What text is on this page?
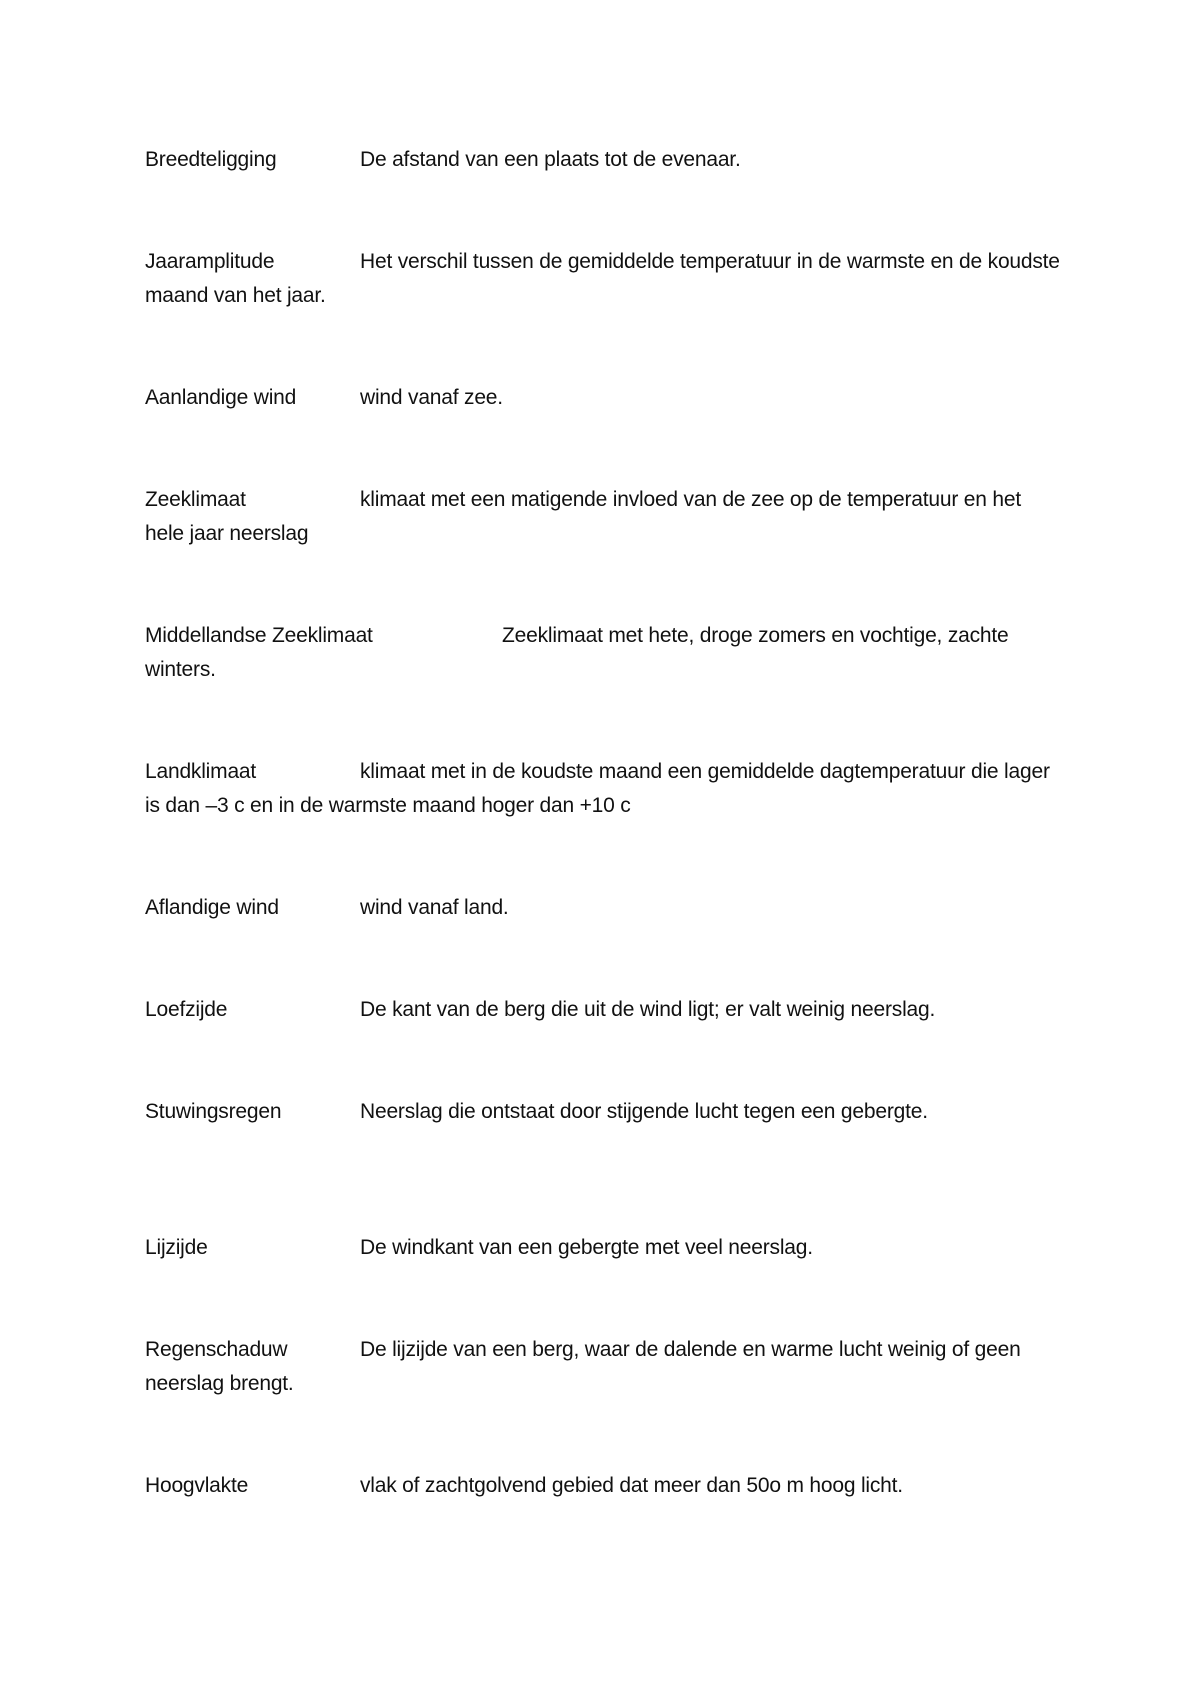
Breedteligging	De afstand van een plaats tot de evenaar.

Jaaramplitude	Het verschil tussen de gemiddelde temperatuur in de warmste en de koudste maand van het jaar.

Aanlandige wind	wind vanaf zee.

Zeeklimaat	klimaat met een matigende invloed van de zee op de temperatuur en het hele jaar neerslag

Middellandse Zeeklimaat	Zeeklimaat met hete, droge zomers en vochtige, zachte winters.

Landklimaat	klimaat met in de koudste maand een gemiddelde dagtemperatuur die lager is dan –3 c en in de warmste maand hoger dan +10 c

Aflandige wind	wind vanaf land.

Loefzijde	De kant van de berg die uit de wind ligt; er valt weinig neerslag.

Stuwingsregen	Neerslag die ontstaat door stijgende lucht tegen een gebergte.

Lijzijde	De windkant van een gebergte met veel neerslag.

Regenschaduw	De lijzijde van een berg, waar de dalende en warme lucht weinig of geen neerslag brengt.

Hoogvlakte	vlak of zachtgolvend gebied dat meer dan 50o m hoog licht.
